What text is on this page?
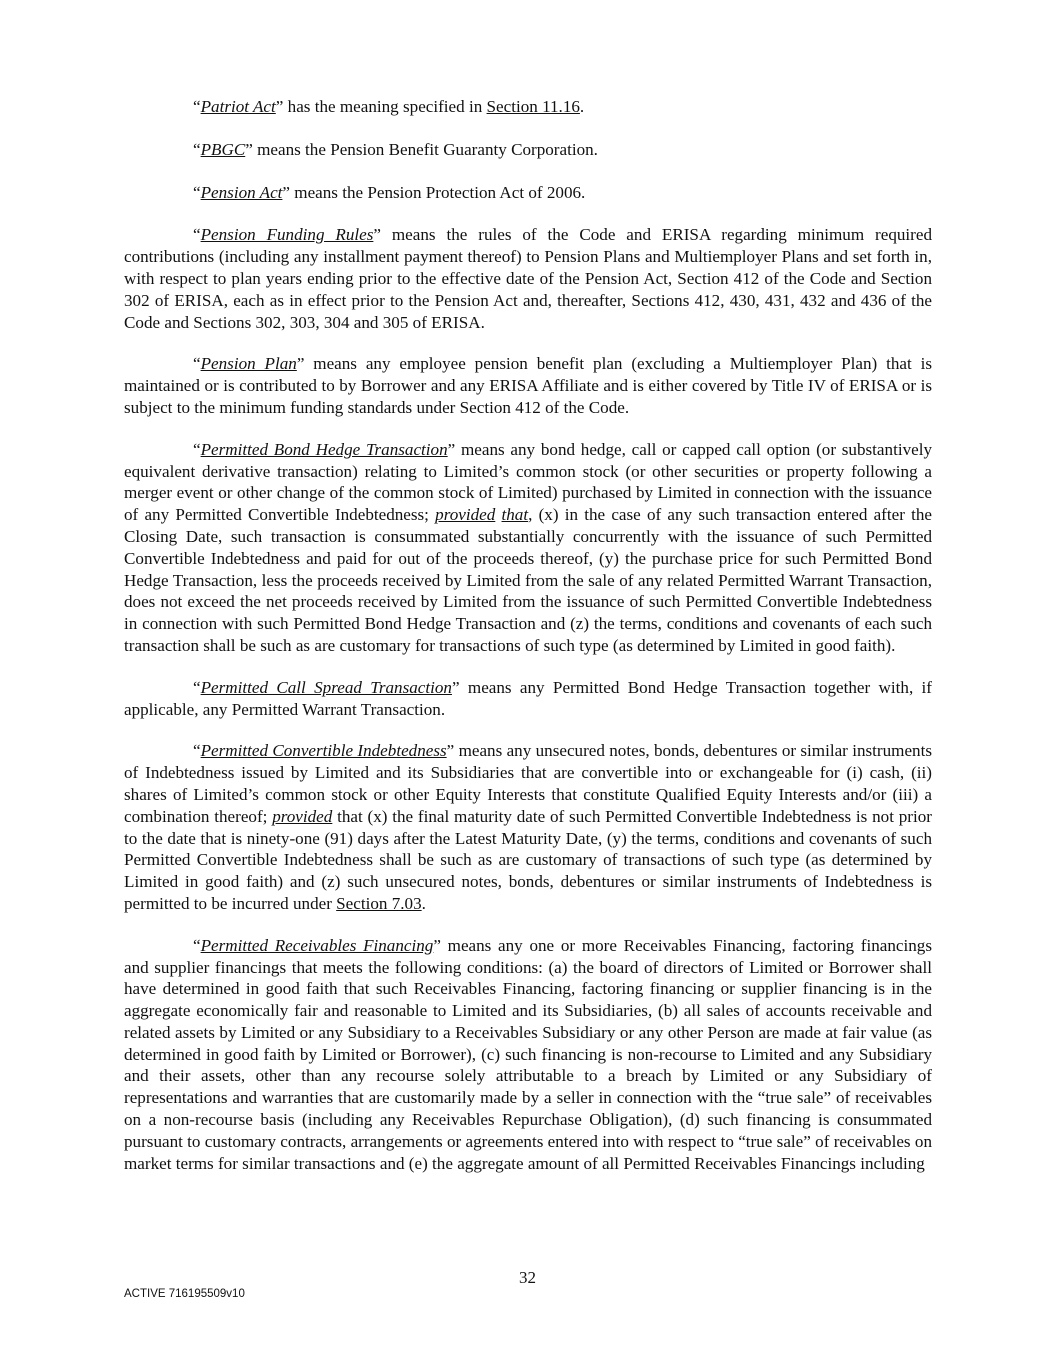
“Patriot Act” has the meaning specified in Section 11.16.

“PBGC” means the Pension Benefit Guaranty Corporation.

“Pension Act” means the Pension Protection Act of 2006.

“Pension Funding Rules” means the rules of the Code and ERISA regarding minimum required contributions (including any installment payment thereof) to Pension Plans and Multiemployer Plans and set forth in, with respect to plan years ending prior to the effective date of the Pension Act, Section 412 of the Code and Section 302 of ERISA, each as in effect prior to the Pension Act and, thereafter, Sections 412, 430, 431, 432 and 436 of the Code and Sections 302, 303, 304 and 305 of ERISA.

“Pension Plan” means any employee pension benefit plan (excluding a Multiemployer Plan) that is maintained or is contributed to by Borrower and any ERISA Affiliate and is either covered by Title IV of ERISA or is subject to the minimum funding standards under Section 412 of the Code.

“Permitted Bond Hedge Transaction” means any bond hedge, call or capped call option (or substantively equivalent derivative transaction) relating to Limited’s common stock (or other securities or property following a merger event or other change of the common stock of Limited) purchased by Limited in connection with the issuance of any Permitted Convertible Indebtedness; provided that, (x) in the case of any such transaction entered after the Closing Date, such transaction is consummated substantially concurrently with the issuance of such Permitted Convertible Indebtedness and paid for out of the proceeds thereof, (y) the purchase price for such Permitted Bond Hedge Transaction, less the proceeds received by Limited from the sale of any related Permitted Warrant Transaction, does not exceed the net proceeds received by Limited from the issuance of such Permitted Convertible Indebtedness in connection with such Permitted Bond Hedge Transaction and (z) the terms, conditions and covenants of each such transaction shall be such as are customary for transactions of such type (as determined by Limited in good faith).

“Permitted Call Spread Transaction” means any Permitted Bond Hedge Transaction together with, if applicable, any Permitted Warrant Transaction.

“Permitted Convertible Indebtedness” means any unsecured notes, bonds, debentures or similar instruments of Indebtedness issued by Limited and its Subsidiaries that are convertible into or exchangeable for (i) cash, (ii) shares of Limited’s common stock or other Equity Interests that constitute Qualified Equity Interests and/or (iii) a combination thereof; provided that (x) the final maturity date of such Permitted Convertible Indebtedness is not prior to the date that is ninety-one (91) days after the Latest Maturity Date, (y) the terms, conditions and covenants of such Permitted Convertible Indebtedness shall be such as are customary of transactions of such type (as determined by Limited in good faith) and (z) such unsecured notes, bonds, debentures or similar instruments of Indebtedness is permitted to be incurred under Section 7.03.

“Permitted Receivables Financing” means any one or more Receivables Financing, factoring financings and supplier financings that meets the following conditions: (a) the board of directors of Limited or Borrower shall have determined in good faith that such Receivables Financing, factoring financing or supplier financing is in the aggregate economically fair and reasonable to Limited and its Subsidiaries, (b) all sales of accounts receivable and related assets by Limited or any Subsidiary to a Receivables Subsidiary or any other Person are made at fair value (as determined in good faith by Limited or Borrower), (c) such financing is non-recourse to Limited and any Subsidiary and their assets, other than any recourse solely attributable to a breach by Limited or any Subsidiary of representations and warranties that are customarily made by a seller in connection with the “true sale” of receivables on a non-recourse basis (including any Receivables Repurchase Obligation), (d) such financing is consummated pursuant to customary contracts, arrangements or agreements entered into with respect to “true sale” of receivables on market terms for similar transactions and (e) the aggregate amount of all Permitted Receivables Financings including

32
ACTIVE 716195509v10
